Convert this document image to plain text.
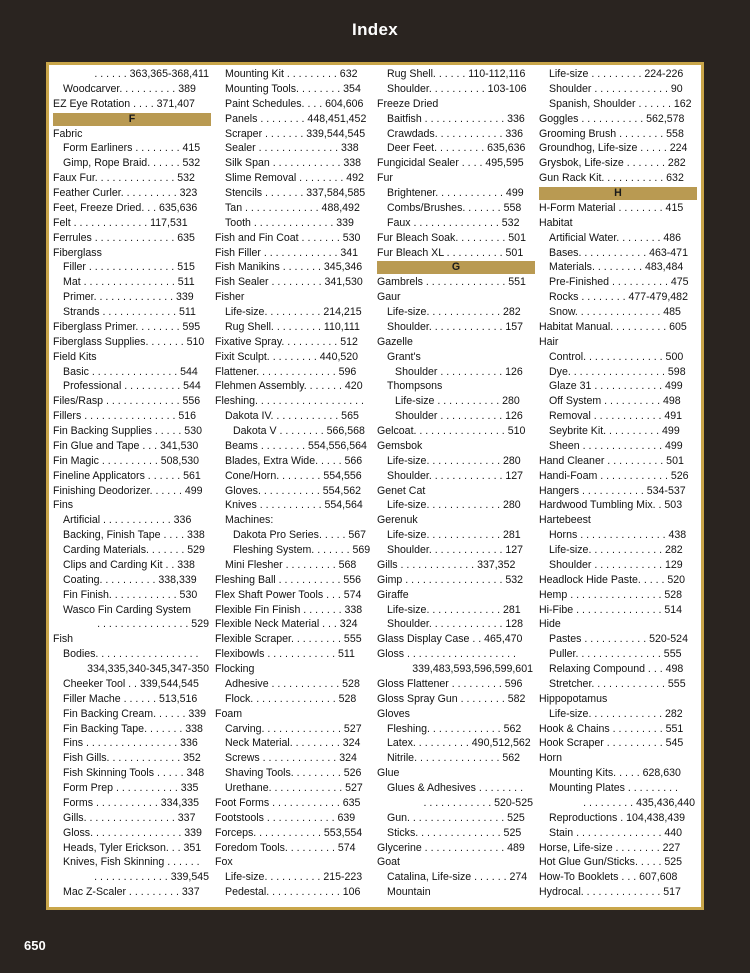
Index
. . . . . . 363,365-368,411
Woodcarver. . . . . . . . . . 389
EZ Eye Rotation . . . . 371,407
F
Fabric
Form Earliners . . . . . . . . 415
Gimp, Rope Braid. . . . . . 532
Faux Fur. . . . . . . . . . . . . . 532
Feather Curler. . . . . . . . . . 323
Feet, Freeze Dried. . . 635,636
Felt . . . . . . . . . . . . . 117,531
Ferrules . . . . . . . . . . . . . . 635
Fiberglass
Filler . . . . . . . . . . . . . . . 515
Mat . . . . . . . . . . . . . . . . 511
Primer. . . . . . . . . . . . . . 339
Strands . . . . . . . . . . . . . 511
Fiberglass Primer. . . . . . . . 595
Fiberglass Supplies. . . . . . . 510
Field Kits
Basic . . . . . . . . . . . . . . . 544
Professional . . . . . . . . . . 544
Files/Rasp . . . . . . . . . . . . . 556
Fillers . . . . . . . . . . . . . . . . 516
Fin Backing Supplies . . . . . 530
Fin Glue and Tape . . . 341,530
Fin Magic . . . . . . . . . . 508,530
Fineline Applicators . . . . . . 561
Finishing Deodorizer. . . . . . 499
Fins
Artificial . . . . . . . . . . . . 336
Backing, Finish Tape . . . . 338
Carding Materials. . . . . . . 529
Clips and Carding Kit . . 338
Coating. . . . . . . . . . 338,339
Fin Finish. . . . . . . . . . . . 530
Wasco Fin Carding System
. . . . . . . . . . . . . . . . 529
Fish
Bodies. . . . . . . . . . . . . . . . . .
334,335,340-345,347-350
Cheeker Tool . . 339,544,545
Filler Mache . . . . . . 513,516
Fin Backing Cream. . . . . . 339
Fin Backing Tape. . . . . . . 338
Fins . . . . . . . . . . . . . . . . 336
Fish Gills. . . . . . . . . . . . . 352
Fish Skinning Tools . . . . . 348
Form Prep . . . . . . . . . . . 335
Forms . . . . . . . . . . . 334,335
Gills. . . . . . . . . . . . . . . . 337
Gloss. . . . . . . . . . . . . . . . 339
Heads, Tyler Erickson. . . 351
Knives, Fish Skinning . . . . . .
. . . . . . . . . . . . . 339,545
Mac Z-Scaler . . . . . . . . . 337
Mounting Kit . . . . . . . . . 632
Mounting Tools. . . . . . . . 354
Paint Schedules. . . . 604,606
Panels . . . . . . . . 448,451,452
Scraper . . . . . . . 339,544,545
Sealer . . . . . . . . . . . . . . 338
Silk Span . . . . . . . . . . . . 338
Slime Removal . . . . . . . . 492
Stencils . . . . . . . 337,584,585
Tan . . . . . . . . . . . . . 488,492
Tooth . . . . . . . . . . . . . . 339
Fish and Fin Coat . . . . . . . 530
Fish Filler . . . . . . . . . . . . . 341
Fish Manikins . . . . . . . 345,346
Fish Sealer . . . . . . . . . 341,530
Fisher
Life-size. . . . . . . . . . 214,215
Rug Shell. . . . . . . . . 110,111
Fixative Spray. . . . . . . . . . 512
Fixit Sculpt. . . . . . . . . 440,520
Flattener. . . . . . . . . . . . . . 596
Flehmen Assembly. . . . . . . 420
Fleshing. . . . . . . . . . . . . . . . . . .
Dakota IV. . . . . . . . . . . . 565
Dakota V . . . . . . . . 566,568
Beams . . . . . . . . 554,556,564
Blades, Extra Wide. . . . . 566
Cone/Horn. . . . . . . . 554,556
Gloves. . . . . . . . . . . 554,562
Knives . . . . . . . . . . . 554,564
Machines:
Dakota Pro Series. . . . . 567
Fleshing System. . . . . . . 569
Mini Flesher . . . . . . . . . 568
Fleshing Ball . . . . . . . . . . . 556
Flex Shaft Power Tools . . . 574
Flexible Fin Finish . . . . . . . 338
Flexible Neck Material . . . 324
Flexible Scraper. . . . . . . . . 555
Flexibowls . . . . . . . . . . . . 511
Flocking
Adhesive . . . . . . . . . . . . 528
Flock. . . . . . . . . . . . . . . 528
Foam
Carving. . . . . . . . . . . . . . 527
Neck Material. . . . . . . . . 324
Screws . . . . . . . . . . . . . 324
Shaving Tools. . . . . . . . . 526
Urethane. . . . . . . . . . . . . 527
Foot Forms . . . . . . . . . . . . 635
Footstools . . . . . . . . . . . . 639
Forceps. . . . . . . . . . . . 553,554
Foredom Tools. . . . . . . . . 574
Fox
Life-size. . . . . . . . . . 215-223
Pedestal. . . . . . . . . . . . . 106
Rug Shell. . . . . . 110-112,116
Shoulder. . . . . . . . . . 103-106
Freeze Dried
Baitfish . . . . . . . . . . . . . . 336
Crawdads. . . . . . . . . . . . 336
Deer Feet. . . . . . . . . 635,636
Fungicidal Sealer . . . . 495,595
Fur
Brightener. . . . . . . . . . . . 499
Combs/Brushes. . . . . . . 558
Faux . . . . . . . . . . . . . . . 532
Fur Bleach Soak. . . . . . . . . 501
Fur Bleach XL . . . . . . . . . . 501
G
Gambrels . . . . . . . . . . . . . . 551
Gaur
Life-size. . . . . . . . . . . . . 282
Shoulder. . . . . . . . . . . . . 157
Gazelle
Grant's
Shoulder . . . . . . . . . . . 126
Thompsons
Life-size . . . . . . . . . . . 280
Shoulder . . . . . . . . . . . 126
Gelcoat. . . . . . . . . . . . . . . . 510
Gemsbok
Life-size. . . . . . . . . . . . . 280
Shoulder. . . . . . . . . . . . . 127
Genet Cat
Life-size. . . . . . . . . . . . . 280
Gerenuk
Life-size. . . . . . . . . . . . . 281
Shoulder. . . . . . . . . . . . . 127
Gills . . . . . . . . . . . . . 337,352
Gimp . . . . . . . . . . . . . . . . . 532
Giraffe
Life-size. . . . . . . . . . . . . 281
Shoulder. . . . . . . . . . . . . 128
Glass Display Case . . 465,470
Gloss . . . . . . . . . . . . . . . . . . .
339,483,593,596,599,601
Gloss Flattener . . . . . . . . . 596
Gloss Spray Gun . . . . . . . . 582
Gloves
Fleshing. . . . . . . . . . . . . 562
Latex. . . . . . . . . . 490,512,562
Nitrile. . . . . . . . . . . . . . . 562
Glue
Glues & Adhesives . . . . . . . .
. . . . . . . . . . . . 520-525
Gun. . . . . . . . . . . . . . . . . 525
Sticks. . . . . . . . . . . . . . . 525
Glycerine . . . . . . . . . . . . . . 489
Goat
Catalina, Life-size . . . . . . 274
Mountain
Life-size . . . . . . . . . 224-226
Shoulder . . . . . . . . . . . . . 90
Spanish, Shoulder . . . . . . 162
Goggles . . . . . . . . . . . 562,578
Grooming Brush . . . . . . . . 558
Groundhog, Life-size . . . . . 224
Grysbok, Life-size . . . . . . . 282
Gun Rack Kit. . . . . . . . . . . 632
H
H-Form Material . . . . . . . . 415
Habitat
Artificial Water. . . . . . . . 486
Bases. . . . . . . . . . . . 463-471
Materials. . . . . . . . . 483,484
Pre-Finished . . . . . . . . . . 475
Rocks . . . . . . . . 477-479,482
Snow. . . . . . . . . . . . . . . 485
Habitat Manual. . . . . . . . . . 605
Hair
Control. . . . . . . . . . . . . . 500
Dye. . . . . . . . . . . . . . . . . 598
Glaze 31 . . . . . . . . . . . . 499
Off System . . . . . . . . . . 498
Removal . . . . . . . . . . . . 491
Seybrite Kit. . . . . . . . . . 499
Sheen . . . . . . . . . . . . . . 499
Hand Cleaner . . . . . . . . . . 501
Handi-Foam . . . . . . . . . . . . 526
Hangers . . . . . . . . . . . 534-537
Hardwood Tumbling Mix. . 503
Hartebeest
Horns . . . . . . . . . . . . . . . 438
Life-size. . . . . . . . . . . . . 282
Shoulder . . . . . . . . . . . . 129
Headlock Hide Paste. . . . . 520
Hemp . . . . . . . . . . . . . . . . 528
Hi-Fibe . . . . . . . . . . . . . . . 514
Hide
Pastes . . . . . . . . . . . 520-524
Puller. . . . . . . . . . . . . . . 555
Relaxing Compound . . . 498
Stretcher. . . . . . . . . . . . . 555
Hippopotamus
Life-size. . . . . . . . . . . . . 282
Hook & Chains . . . . . . . . . 551
Hook Scraper . . . . . . . . . . 545
Horn
Mounting Kits. . . . . 628,630
Mounting Plates . . . . . . . . .
. . . . . . . . . 435,436,440
Reproductions . 104,438,439
Stain . . . . . . . . . . . . . . . 440
Horse, Life-size . . . . . . . . 227
Hot Glue Gun/Sticks. . . . . 525
How-To Booklets . . . 607,608
Hydrocal. . . . . . . . . . . . . . 517
650
